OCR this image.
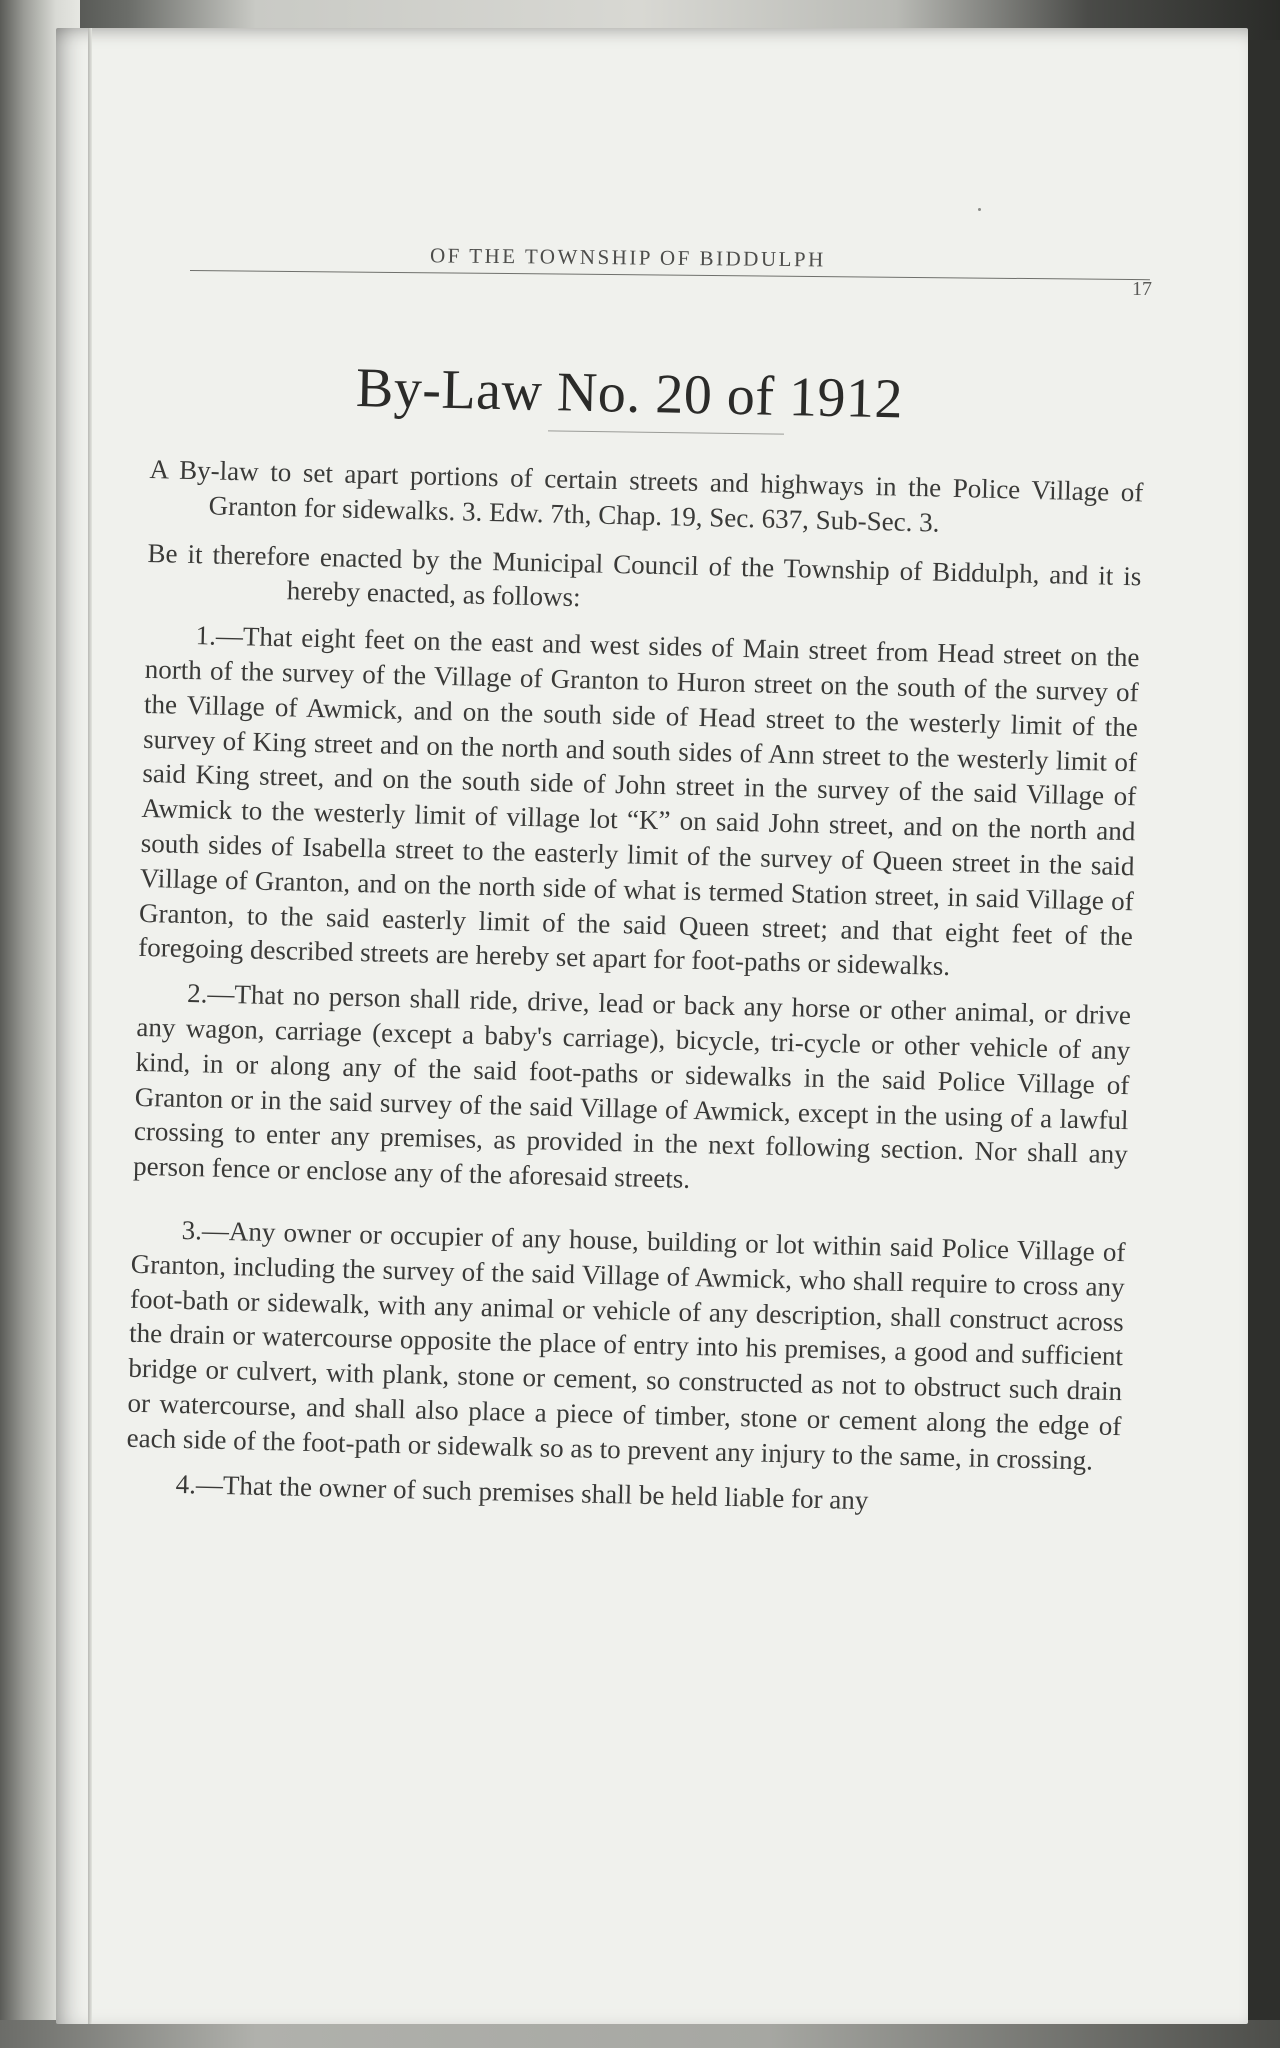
OF THE TOWNSHIP OF BIDDULPH
17
By-Law No. 20 of 1912

A By-law to set apart portions of certain streets and highways in the Police Village of Granton for sidewalks. 3. Edw. 7th, Chap. 19, Sec. 637, Sub-Sec. 3.

Be it therefore enacted by the Municipal Council of the Township of Biddulph, and it is hereby enacted, as follows:

1.—That eight feet on the east and west sides of Main street from Head street on the north of the survey of the Village of Granton to Huron street on the south of the survey of the Village of Awmick, and on the south side of Head street to the westerly limit of the survey of King street and on the north and south sides of Ann street to the westerly limit of said King street, and on the south side of John street in the survey of the said Village of Awmick to the westerly limit of village lot “K” on said John street, and on the north and south sides of Isabella street to the easterly limit of the survey of Queen street in the said Village of Granton, and on the north side of what is termed Station street, in said Village of Granton, to the said easterly limit of the said Queen street; and that eight feet of the foregoing described streets are hereby set apart for foot-paths or sidewalks.

2.—That no person shall ride, drive, lead or back any horse or other animal, or drive any wagon, carriage (except a baby's carriage), bicycle, tri-cycle or other vehicle of any kind, in or along any of the said foot-paths or sidewalks in the said Police Village of Granton or in the said survey of the said Village of Awmick, except in the using of a lawful crossing to enter any premises, as provided in the next following section. Nor shall any person fence or enclose any of the aforesaid streets.

3.—Any owner or occupier of any house, building or lot within said Police Village of Granton, including the survey of the said Village of Awmick, who shall require to cross any foot-bath or sidewalk, with any animal or vehicle of any description, shall construct across the drain or watercourse opposite the place of entry into his premises, a good and sufficient bridge or culvert, with plank, stone or cement, so constructed as not to obstruct such drain or watercourse, and shall also place a piece of timber, stone or cement along the edge of each side of the foot-path or sidewalk so as to prevent any injury to the same, in crossing.

4.—That the owner of such premises shall be held liable for any
